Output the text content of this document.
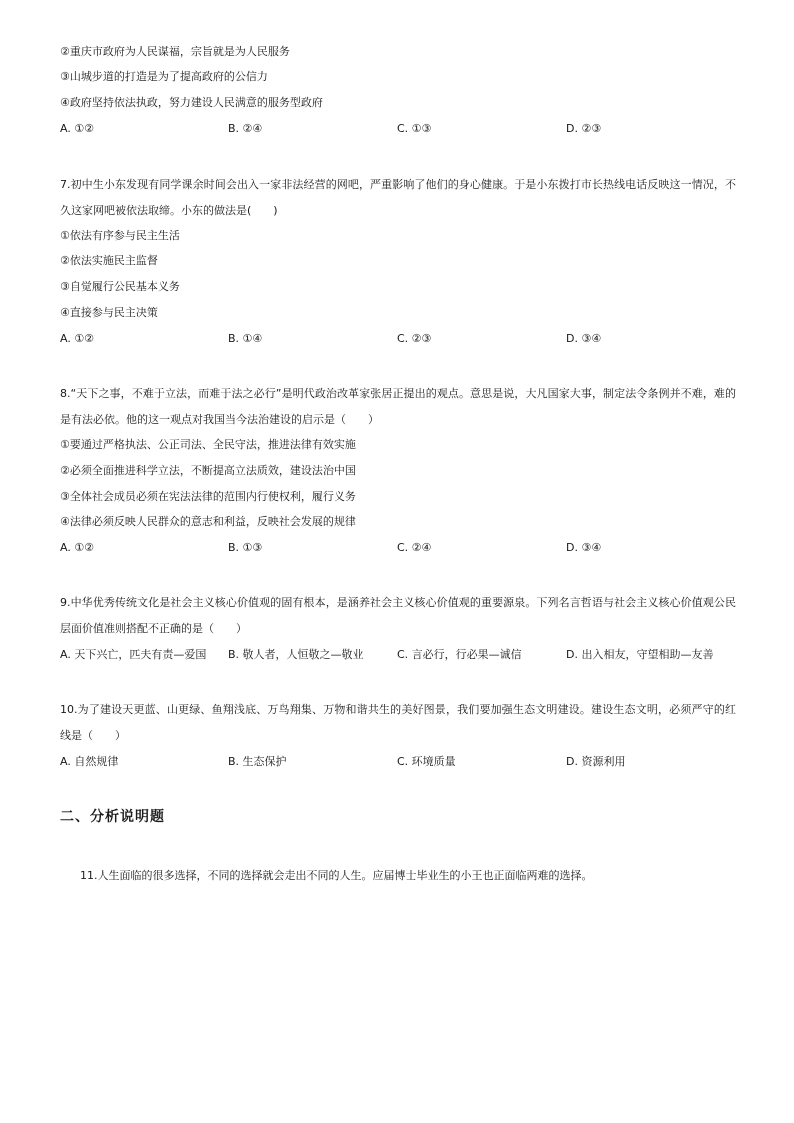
②重庆市政府为人民谋福，宗旨就是为人民服务
③山城步道的打造是为了提高政府的公信力
④政府坚持依法执政，努力建设人民满意的服务型政府
A. ①②	B. ②④	C. ①③	D. ②③
7.初中生小东发现有同学课余时间会出入一家非法经营的网吧，严重影响了他们的身心健康。于是小东拨打市长热线电话反映这一情况，不久这家网吧被依法取缔。小东的做法是(　　)
①依法有序参与民主生活
②依法实施民主监督
③自觉履行公民基本义务
④直接参与民主决策
A. ①②	B. ①④	C. ②③	D. ③④
8.“天下之事，不难于立法，而难于法之必行”是明代政治改革家张居正提出的观点。意思是说，大凡国家大事，制定法令条例并不难，难的是有法必依。他的这一观点对我国当今法治建设的启示是（　　）
①要通过严格执法、公正司法、全民守法，推进法律有效实施
②必须全面推进科学立法，不断提高立法质效，建设法治中国
③全体社会成员必须在宪法法律的范围内行使权利，履行义务
④法律必须反映人民群众的意志和利益，反映社会发展的规律
A. ①②	B. ①③	C. ②④	D. ③④
9.中华优秀传统文化是社会主义核心价值观的固有根本，是涵养社会主义核心价值观的重要源泉。下列名言哲语与社会主义核心价值观公民层面价值准则搭配不正确的是（　　）
A. 天下兴亡，匹夫有责—爱国 B. 敬人者，人恒敬之—敬业	C. 言必行，行必果—诚信	D. 出入相友，守望相助—友善
10.为了建设天更蓝、山更绿、鱼翔浅底、万鸟翔集、万物和谐共生的美好图景，我们要加强生态文明建设。建设生态文明，必须严守的红线是（　　）
A. 自然规律	B. 生态保护	C. 环境质量	D. 资源利用
二、分析说明题
11.人生面临的很多选择，不同的选择就会走出不同的人生。应届博士毕业生的小王也正面临两难的选择。
